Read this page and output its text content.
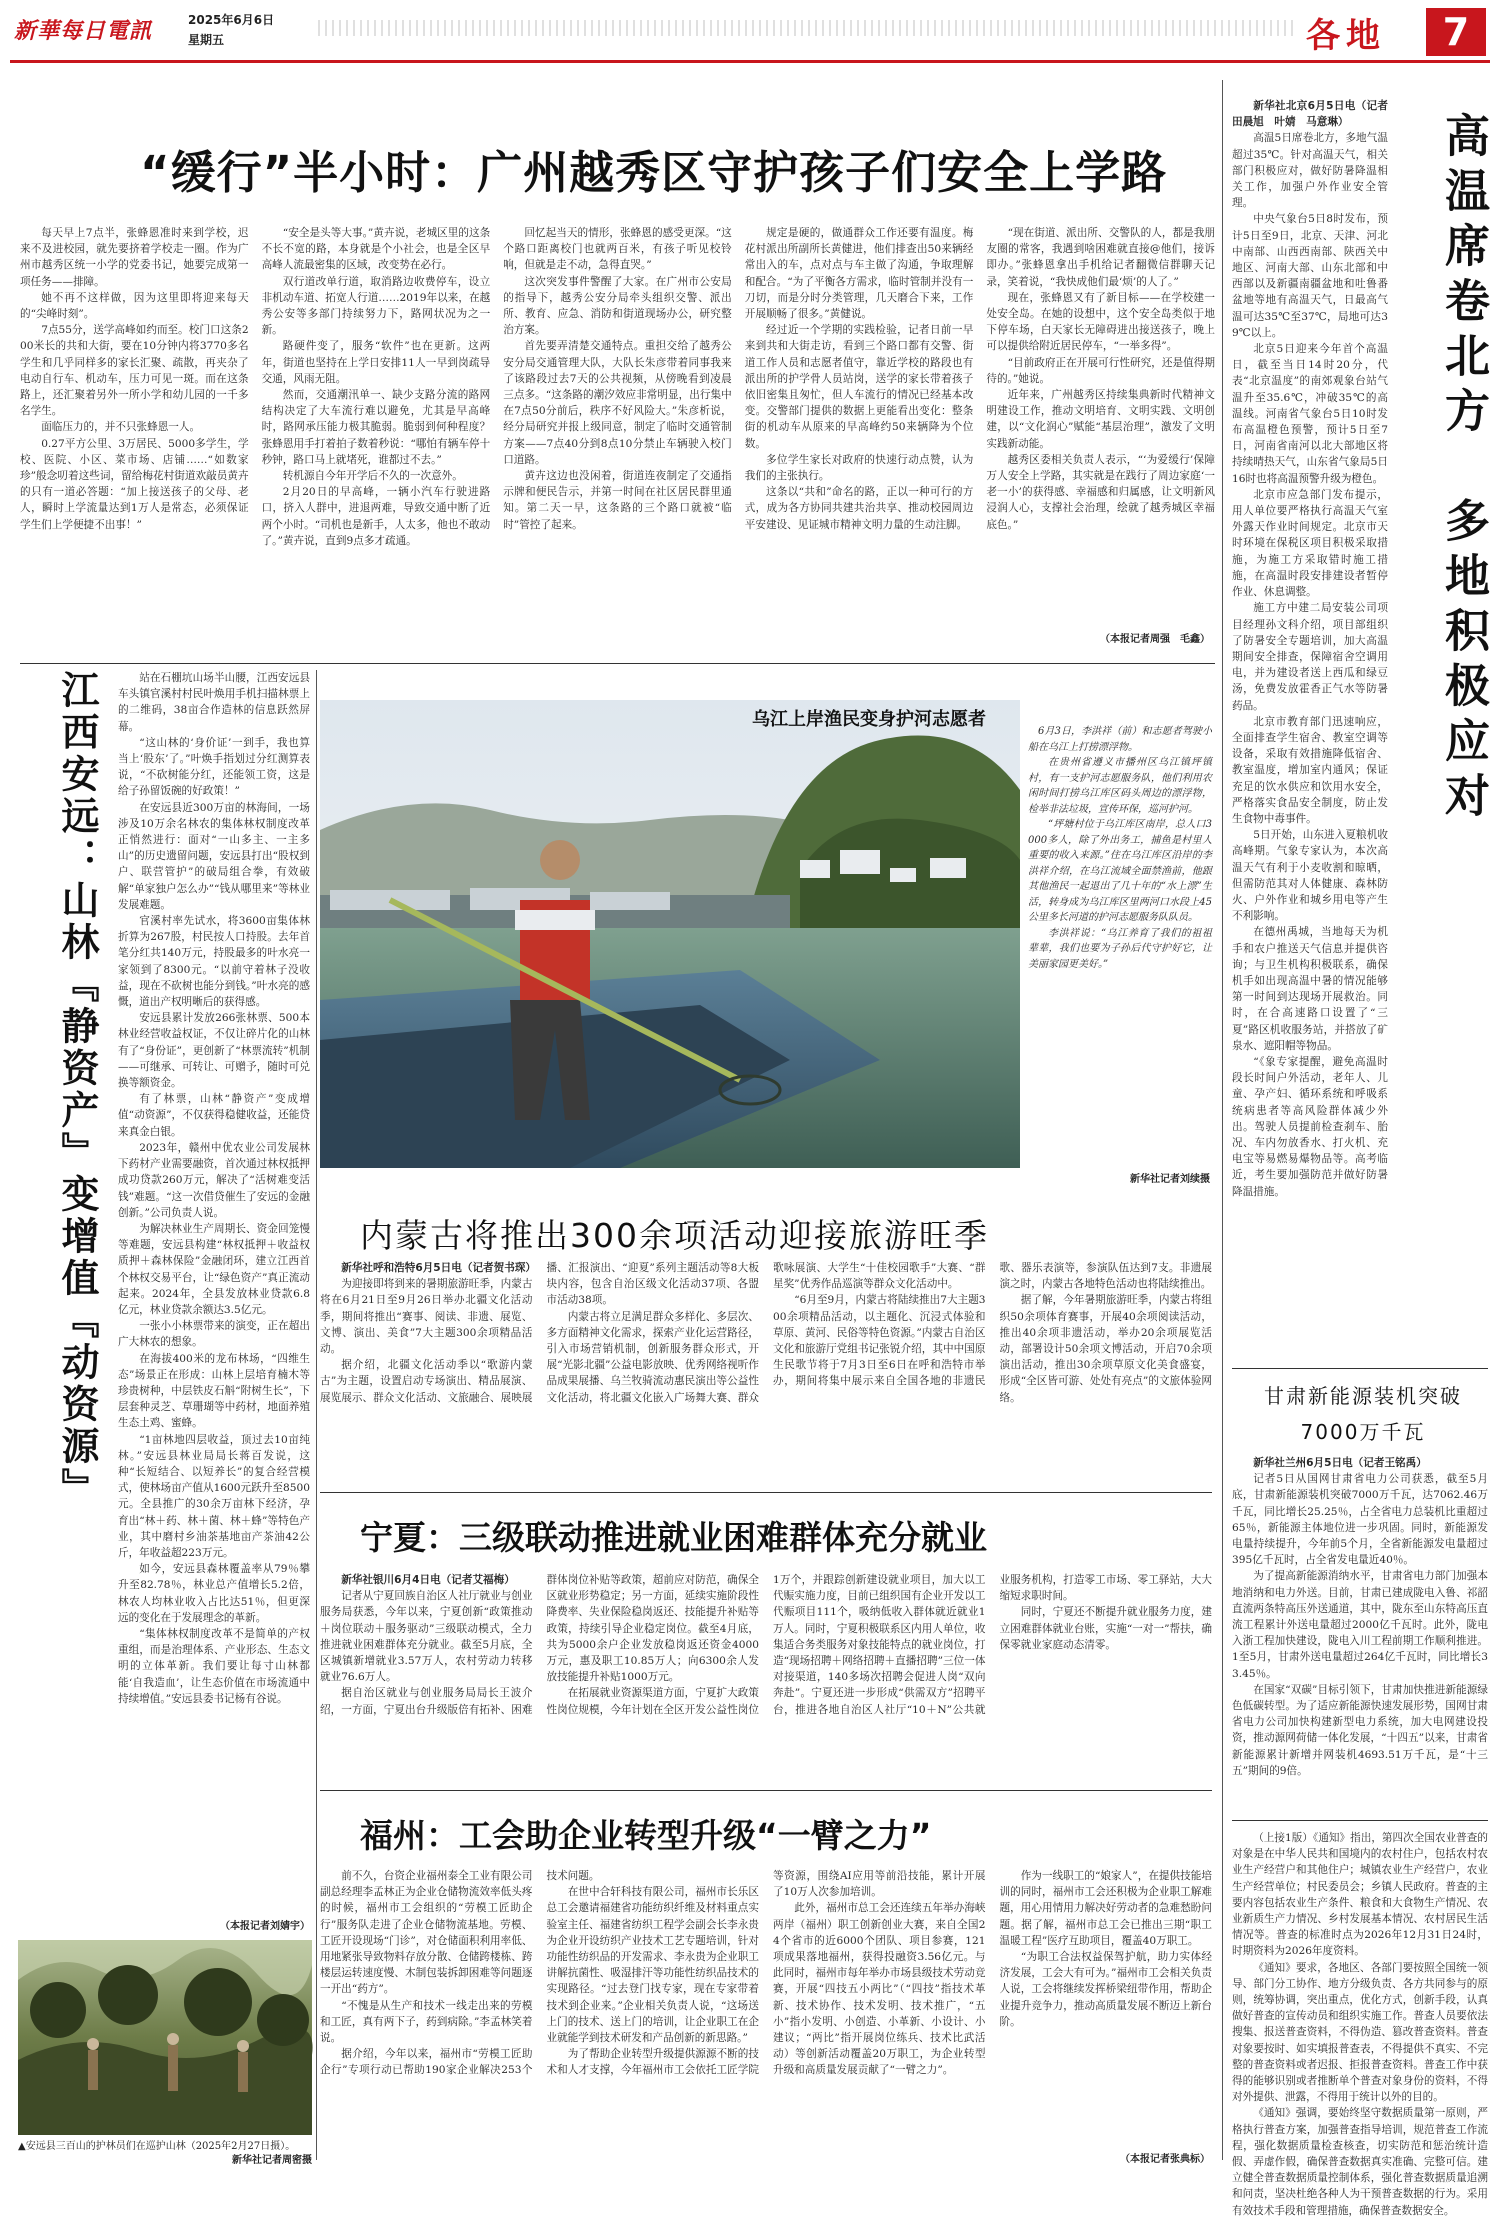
新華每日電訊	2025年6月6日
星期五	各地	7
“缓行”半小时：广州越秀区守护孩子们安全上学路

每天早上7点半，张蜂恩准时来到学校，迟来不及进校园，就先要挤着学校走一圈。作为广州市越秀区统一小学的党委书记，她要完成第一项任务——排障。

她不再不这样做，因为这里即将迎来每天的“尖峰时刻”。

7点55分，送学高峰如约而至。校门口这条200米长的共和大街，要在10分钟内将3770多名学生和几乎同样多的家长汇聚、疏散，再夹杂了电动自行车、机动车，压力可见一斑。而在这条路上，还汇聚着另外一所小学和幼儿园的一千多名学生。

面临压力的，并不只张蜂恩一人。

0.27平方公里、3万居民、5000多学生，学校、医院、小区、菜市场、店铺……“如数家珍”般念叨着这些词，留给梅花村街道欢敲员黄卉的只有一道必答题：“加上接送孩子的父母、老人，瞬时上学流量达到1万人是常态，必须保证学生们上学便捷不出事！”

“安全是头等大事。”黄卉说，老城区里的这条不长不宽的路，本身就是个小社会，也是全区早高峰人流最密集的区域，改变势在必行。

双行道改单行道，取消路边收费停车，设立非机动车道、拓宽人行道……2019年以来，在越秀公安等多部门持续努力下，路网状况为之一新。

路硬件变了，服务“软件”也在更新。这两年，街道也坚持在上学日安排11人一早到岗疏导交通，风雨无阻。

然而，交通潮汛单一、缺少支路分流的路网结构决定了大车流行难以避免，尤其是早高峰时，路网承压能力极其脆弱。脆弱到何种程度？张蜂恩用手打着拍子数着秒说：“哪怕有辆车停十秒钟，路口马上就堵死，谁都过不去。”

转机源自今年开学后不久的一次意外。

2月20日的早高峰，一辆小汽车行驶进路口，挤入人群中，进退两难，导致交通中断了近两个小时。“司机也是新手，人太多，他也不敢动了。”黄卉说，直到9点多才疏通。

回忆起当天的情形，张蜂恩的感受更深。“这个路口距离校门也就两百米，有孩子听见校铃响，但就是走不动，急得直哭。”

这次突发事件警醒了大家。在广州市公安局的指导下，越秀公安分局牵头组织交警、派出所、教育、应急、消防和街道现场办公，研究整治方案。

首先要弄清楚交通特点。重担交给了越秀公安分局交通管理大队，大队长朱彦带着同事我来了该路段过去7天的公共视频，从傍晚看到凌晨三点多。“这条路的潮汐效应非常明显，出行集中在7点50分前后，秩序不好风险大。”朱彦析说，经分局研究并报上级同意，制定了临时交通管制方案——7点40分到8点10分禁止车辆驶入校门口道路。

黄卉这边也没闲着，街道连夜制定了交通指示牌和便民告示，并第一时间在社区居民群里通知。第二天一早，这条路的三个路口就被“临时”管控了起来。

规定是硬的，做通群众工作还要有温度。梅花村派出所副所长黄健进，他们排查出50来辆经常出入的车，点对点与车主做了沟通，争取理解和配合。“为了平衡各方需求，临时管制并没有一刀切，而是分时分类管理，几天磨合下来，工作开展顺畅了很多。”黄健说。

经过近一个学期的实践检验，记者日前一早来到共和大街走访，看到三个路口都有交警、街道工作人员和志愿者值守，靠近学校的路段也有派出所的护学骨人员站岗，送学的家长带着孩子依旧密集且匆忙，但人车流行的情况已经基本改变。交警部门提供的数据上更能看出变化：整条街的机动车从原来的早高峰约50来辆降为个位数。

多位学生家长对政府的快速行动点赞，认为我们的主张执行。

这条以“共和”命名的路，正以一种可行的方式，成为各方协同共建共治共享、推动校园周边平安建设、见证城市精神文明力量的生动注脚。

“现在街道、派出所、交警队的人，都是我朋友圈的常客，我遇到啥困难就直接@他们，接诉即办。”张蜂恩拿出手机给记者翻微信群聊天记录，笑着说，“我快成他们最‘烦’的人了。”

现在，张蜂恩又有了新目标——在学校建一处安全岛。在她的设想中，这个安全岛类似于地下停车场，白天家长无障碍进出接送孩子，晚上可以提供给附近居民停车，“一举多得”。

“目前政府正在开展可行性研究，还是值得期待的。”她说。

近年来，广州越秀区持续集典新时代精神文明建设工作，推动文明培育、文明实践、文明创建，以“文化润心”赋能“基层治理”，激发了文明实践新动能。

越秀区委相关负责人表示，“‘为爱缓行’保障万人安全上学路，其实就是在践行了周边家庭‘一老一小’的获得感、幸福感和归属感，让文明新风浸润人心，支撑社会治理，绘就了越秀城区幸福底色。”

（本报记者周强　毛鑫）

新华社北京6月5日电（记者田晨旭　叶婧　马意琳）

高温5日席卷北方，多地气温超过35℃。针对高温天气，相关部门积极应对，做好防暑降温相关工作，加强户外作业安全管理。

中央气象台5日8时发布，预计5日至9日，北京、天津、河北中南部、山西西南部、陕西关中地区、河南大部、山东北部和中西部以及新疆南疆盆地和吐鲁番盆地等地有高温天气，日最高气温可达35℃至37℃，局地可达39℃以上。

北京5日迎来今年首个高温日，截至当日14时20分，代表“北京温度”的南郊观象台站气温升至35.6℃，冲破35℃的高温线。河南省气象台5日10时发布高温橙色预警，预计5日至7日，河南省南河以北大部地区将持续晴热天气，山东省气象局5日16时也将高温预警升级为橙色。

北京市应急部门发布提示，用人单位要严格执行高温天气室外露天作业时间规定。北京市天时环境在保税区项目积极采取措施，为施工方采取错时施工措施，在高温时段安排建设者暂停作业、休息调整。

施工方中建二局安装公司项目经理孙文科介绍，项目部组织了防暑安全专题培训，加大高温期间安全排查，保障宿舍空调用电，并为建设者送上西瓜和绿豆汤，免费发放霍香正气水等防暑药品。

北京市教育部门迅速响应，全面排查学生宿舍、教室空调等设备，采取有效措施降低宿舍、教室温度，增加室内通风；保证充足的饮水供应和饮用水安全，严格落实食品安全制度，防止发生食物中毒事件。

5日开始，山东进入夏粮机收高峰期。气象专家认为，本次高温天气有利于小麦收割和晾晒，但需防范其对人体健康、森林防火、户外作业和城乡用电等产生不利影响。

在德州禹城，当地每天为机手和农户推送天气信息并提供咨询；与卫生机构积极联系，确保机手如出现高温中暑的情况能够第一时间到达现场开展救治。同时，在合高速路口设置了“三夏”路区机收服务站，并搭放了矿泉水、遮阳帽等物品。

“《象专家提醒，避免高温时段长时间户外活动，老年人、儿童、孕产妇、循环系统和呼吸系统病患者等高风险群体减少外出。驾驶人员提前检查刹车、胎况、车内勿放香水、打火机、充电宝等易燃易爆物品等。高考临近，考生要加强防范并做好防暑降温措施。

高温席卷北方　多地积极应对
甘肃新能源装机突破7000万千瓦

新华社兰州6月5日电（记者王铭禹）

记者5日从国网甘肃省电力公司获悉，截至5月底，甘肃新能源装机突破7000万千瓦，达7062.46万千瓦，同比增长25.25％，占全省电力总装机比重超过65％，新能源主体地位进一步巩固。同时，新能源发电量持续提升，今年前5个月，全省新能源发电量超过395亿千瓦时，占全省发电量近40％。

为了提高新能源消纳水平，甘肃省电力部门加强本地消纳和电力外送。目前，甘肃已建成陇电入鲁、祁韶直流两条特高压外送通道，其中，陇东至山东特高压直流工程累计外送电量超过2000亿千瓦时。此外，陇电入浙工程加快建设，陇电入川工程前期工作顺利推进。1至5月，甘肃外送电量超过264亿千瓦时，同比增长33.45％。

在国家“双碳”目标引领下，甘肃加快推进新能源绿色低碳转型。为了适应新能源快速发展形势，国网甘肃省电力公司加快构建新型电力系统，加大电网建设投资，推动源网荷储一体化发展，“十四五”以来，甘肃省新能源累计新增并网装机4693.51万千瓦，是“十三五”期间的9倍。

（上接1版）《通知》指出，第四次全国农业普查的对象是在中华人民共和国境内的农村住户，包括农村农业生产经营户和其他住户；城镇农业生产经营户，农业生产经营单位；村民委员会；乡镇人民政府。普查的主要内容包括农业生产条件、粮食和大食物生产情况、农业新质生产力情况、乡村发展基本情况、农村居民生活情况等。普查的标准时点为2026年12月31日24时，时期资料为2026年度资料。

《通知》要求，各地区、各部门要按照全国统一领导、部门分工协作、地方分级负责、各方共同参与的原则，统筹协调，突出重点，优化方式，创新手段，认真做好普查的宣传动员和组织实施工作。普查人员要依法搜集、报送普查资料，不得伪造、篡改普查资料。普查对象要按时、如实填报普查表，不得提供不真实、不完整的普查资料或者迟报、拒报普查资料。普查工作中获得的能够识别或者推断单个普查对象身份的资料，不得对外提供、泄露，不得用于统计以外的目的。

《通知》强调，要始终坚守数据质量第一原则，严格执行普查方案，加强普查指导培训，规范普查工作流程，强化数据质量检查核查，切实防范和惩治统计造假、弄虚作假，确保普查数据真实准确、完整可信。建立健全普查数据质量控制体系，强化普查数据质量追溯和问责，坚决杜绝各种人为干预普查数据的行为。采用有效技术手段和管理措施，确保普查数据安全。

江西安远：山林『静资产』变增值『动资源』	站在石棚坑山场半山腰，江西安远县车头镇官溪村村民叶焕用手机扫描林票上的二维码，38亩合作造林的信息跃然屏幕。

“这山林的‘身价证’一到手，我也算当上‘股东’了。”叶焕手指划过分红测算表说，“不砍树能分红，还能领工资，这是给子孙留饭碗的好政策！”

在安远县近300万亩的林海间，一场涉及10万余名林农的集体林权制度改革正悄然进行：面对“一山多主、一主多山”的历史遗留问题，安远县打出“股权到户、联营管护”的破局组合拳，有效破解“单家独户怎么办”“钱从哪里来”等林业发展难题。

官溪村率先试水，将3600亩集体林折算为267股，村民按人口持股。去年首笔分红共140万元，持股最多的叶水亮一家领到了8300元。“以前守着林子没收益，现在不砍树也能分到钱。”叶水亮的感慨，道出产权明晰后的获得感。

安远县累计发放266张林票、500本林业经营收益权证，不仅让碎片化的山林有了“身份证”，更创新了“林票流转”机制——可继承、可转让、可赠予，随时可兑换等额资金。

有了林票，山林“静资产”变成增值“动资源”，不仅获得稳健收益，还能贷来真金白银。

2023年，赣州中优农业公司发展林下药材产业需要融资，首次通过林权抵押成功贷款260万元，解决了“活树难变活钱”难题。“这一次借贷催生了安远的金融创新。”公司负责人说。

为解决林业生产周期长、资金回笼慢等难题，安远县构建“林权抵押＋收益权质押＋森林保险”金融闭环，建立江西首个林权交易平台，让“绿色资产”真正流动起来。2024年，全县发放林业贷款6.8亿元，林业贷款余额达3.5亿元。

一张小小林票带来的演变，正在超出广大林农的想象。

在海拔400米的龙布林场，“四维生态”场景正在形成：山林上层培育楠木等珍贵树种，中层铁皮石斛“附树生长”，下层套种灵芝、草珊瑚等中药材，地面养殖生态土鸡、蜜蜂。

“1亩林地四层收益，顶过去10亩纯林。”安远县林业局局长蒋百发说，这种“长短结合、以短养长”的复合经营模式，使林场亩产值从1600元跃升至8500元。全县推广的30余万亩林下经济，孕育出“林＋药、林＋菌、林＋蜂”等特色产业，其中磨村乡油茶基地亩产茶油42公斤，年收益超223万元。

如今，安远县森林覆盖率从79％攀升至82.78％，林业总产值增长5.2倍，林农人均林业收入占比达51％，但更深远的变化在于发展理念的革新。

“集体林权制度改革不是简单的产权重组，而是治理体系、产业形态、生态文明的立体革新。我们要让每寸山林都能‘自我造血’，让生态价值在市场流通中持续增值。”安远县委书记杨有谷说。

（本报记者刘婧宇）
▲安远县三百山的护林员们在巡护山林（2025年2月27日摄）。
新华社记者周密摄
乌江上岸渔民变身护河志愿者

6月3日，李洪祥（前）和志愿者驾驶小船在乌江上打捞漂浮物。

在贵州省遵义市播州区乌江镇坪镇村，有一支护河志愿服务队，他们利用农闲时间打捞乌江库区码头周边的漂浮物，检举非法垃圾，宣传环保，巡河护河。

“坪塘村位于乌江库区南岸，总人口3000多人，除了外出务工，捕鱼是村里人重要的收入来源。”住在乌江库区沿岸的李洪祥介绍，在乌江流域全面禁渔前，他跟其他渔民一起退出了几十年的“水上漂”生活，转身成为乌江库区里两河口水段上45公里多长河道的护河志愿服务队队员。

李洪祥说：“乌江养育了我们的祖祖辈辈，我们也要为子孙后代守护好它，让美丽家园更美好。”

新华社记者刘续摄
内蒙古将推出300余项活动迎接旅游旺季

新华社呼和浩特6月5日电（记者贺书琛）

为迎接即将到来的暑期旅游旺季，内蒙古将在6月21日至9月26日举办北疆文化活动季，期间将推出“赛事、阅读、非遗、展览、文博、演出、美食”7大主题300余项精品活动。

据介绍，北疆文化活动季以“歌游内蒙古”为主题，设置启动专场演出、精品展演、展览展示、群众文化活动、文旅融合、展映展播、汇报演出、“迎夏”系列主题活动等8大板块内容，包含自治区级文化活动37项、各盟市活动38项。

内蒙古将立足满足群众多样化、多层次、多方面精神文化需求，探索产业化运营路径，引入市场营销机制，创新服务群众形式，开展“光影北疆”公益电影放映、优秀网络视听作品成果展播、乌兰牧骑流动惠民演出等公益性文化活动，将北疆文化嵌入广场舞大赛、群众歌咏展演、大学生“十佳校园歌手”大赛、“群星奖”优秀作品巡演等群众文化活动中。

“6月至9月，内蒙古将陆续推出7大主题300余项精品活动，以主题化、沉浸式体验和草原、黄河、民俗等特色资源。”内蒙古自治区文化和旅游厅党组书记张锐介绍，其中中国原生民歌节将于7月3日至6日在呼和浩特市举办，期间将集中展示来自全国各地的非遗民歌、器乐表演等，参演队伍达到7支。非遗展演之时，内蒙古各地特色活动也将陆续推出。

据了解，今年暑期旅游旺季，内蒙古将组织50余项体育赛事，开展40余项阅读活动，推出40余项非遗活动，举办20余项展览活动，部署设计50余项文博活动，开启70余项演出活动，推出30余项草原文化美食盛宴，形成“全区皆可游、处处有亮点”的文旅体验网络。

宁夏：三级联动推进就业困难群体充分就业

新华社银川6月4日电（记者艾福梅）

记者从宁夏回族自治区人社厅就业与创业服务局获悉，今年以来，宁夏创新“政策推动＋岗位联动＋服务驱动”三级联动模式，全力推进就业困难群体充分就业。截至5月底，全区城镇新增就业3.57万人，农村劳动力转移就业76.6万人。

据自治区就业与创业服务局局长王波介绍，一方面，宁夏出台升级版倍有拓补、困难群体岗位补贴等政策，超前应对防范，确保全区就业形势稳定；另一方面，延续实施阶段性降费率、失业保险稳岗返还、技能提升补贴等政策，持续引导企业稳定岗位。截至4月底，共为5000余户企业发放稳岗返还资金4000万元，惠及职工10.85万人；向6300余人发放技能提升补贴1000万元。

在拓展就业资源渠道方面，宁夏扩大政策性岗位规模，今年计划在全区开发公益性岗位1万个，并跟踪创新建设就业项目，加大以工代赈实施力度，目前已组织国有企业开发以工代赈项目111个，吸纳低收入群体就近就业1万人。同时，宁夏积极联系区内用人单位，收集适合务类服务对象技能特点的就业岗位，打造“现场招聘＋网络招聘＋直播招聘”三位一体对接渠道，140多场次招聘会促进人岗“双向奔赴”。宁夏还进一步形成“供需双方”招聘平台，推进各地自治区人社厅“10＋N”公共就业服务机构，打造零工市场、零工驿站，大大缩短求职时间。

同时，宁夏还不断提升就业服务力度，建立困难群体就业台账，实施“一对一”帮扶，确保零就业家庭动态清零。

福州：工会助企业转型升级“一臂之力”

前不久，台资企业福州泰全工业有限公司副总经理李孟林正为企业仓储物流效率低头疼的时候，福州市工会组织的“劳模工匠助企行”服务队走进了企业仓储物流基地。劳模、工匠开设现场“门诊”，对仓储面积利用率低、用地紧张导致物料存放分散、仓储跨楼栋、跨楼层运转速度慢、木制包装拆卸困难等问题逐一开出“药方”。

“不愧是从生产和技术一线走出来的劳模和工匠，真有两下子，药到病除。”李孟林笑着说。

据介绍，今年以来，福州市“劳模工匠助企行”专项行动已帮助190家企业解决253个技术问题。

在世中合轩科技有限公司，福州市长乐区总工会邀请福建省功能纺织纤维及材料重点实验室主任、福建省纺织工程学会副会长李永贵为企业开设纺织产业技术工艺专题培训，针对功能性纺织品的开发需求、李永贵为企业职工讲解抗菌性、吸湿排汗等功能性纺织品技术的实现路径。“过去登门找专家，现在专家带着技术到企业来。”企业相关负责人说，“这场送上门的技术、送上门的培训，让企业职工在企业就能学到技术研发和产品创新的新思路。”

为了帮助企业转型升级提供源源不断的技术和人才支撑，今年福州市工会依托工匠学院等资源，围绕AI应用等前沿技能，累计开展了10万人次参加培训。

此外，福州市总工会还连续五年举办海峡两岸（福州）职工创新创业大赛，来自全国24个省市的近6000个团队、项目参赛，121项成果落地福州，获得投融资3.56亿元。与此同时，福州市每年举办市场县级技术劳动竞赛，开展“四技五小两比”（“四技”指技术革新、技术协作、技术发明、技术推广，“五小”指小发明、小创造、小革新、小设计、小建议；“两比”指开展岗位练兵、技术比武活动）等创新活动覆盖20万职工，为企业转型升级和高质量发展贡献了“一臂之力”。

作为一线职工的“娘家人”，在提供技能培训的同时，福州市工会还积极为企业职工解难题，用心用情用力解决好劳动者的急难愁盼问题。据了解，福州市总工会已推出三期“职工温暖工程”医疗互助项目，覆盖40万职工。

“为职工合法权益保驾护航，助力实体经济发展，工会大有可为。”福州市工会相关负责人说，工会将继续发挥桥梁纽带作用，帮助企业提升竞争力，推动高质量发展不断迈上新台阶。

（本报记者张典标）
